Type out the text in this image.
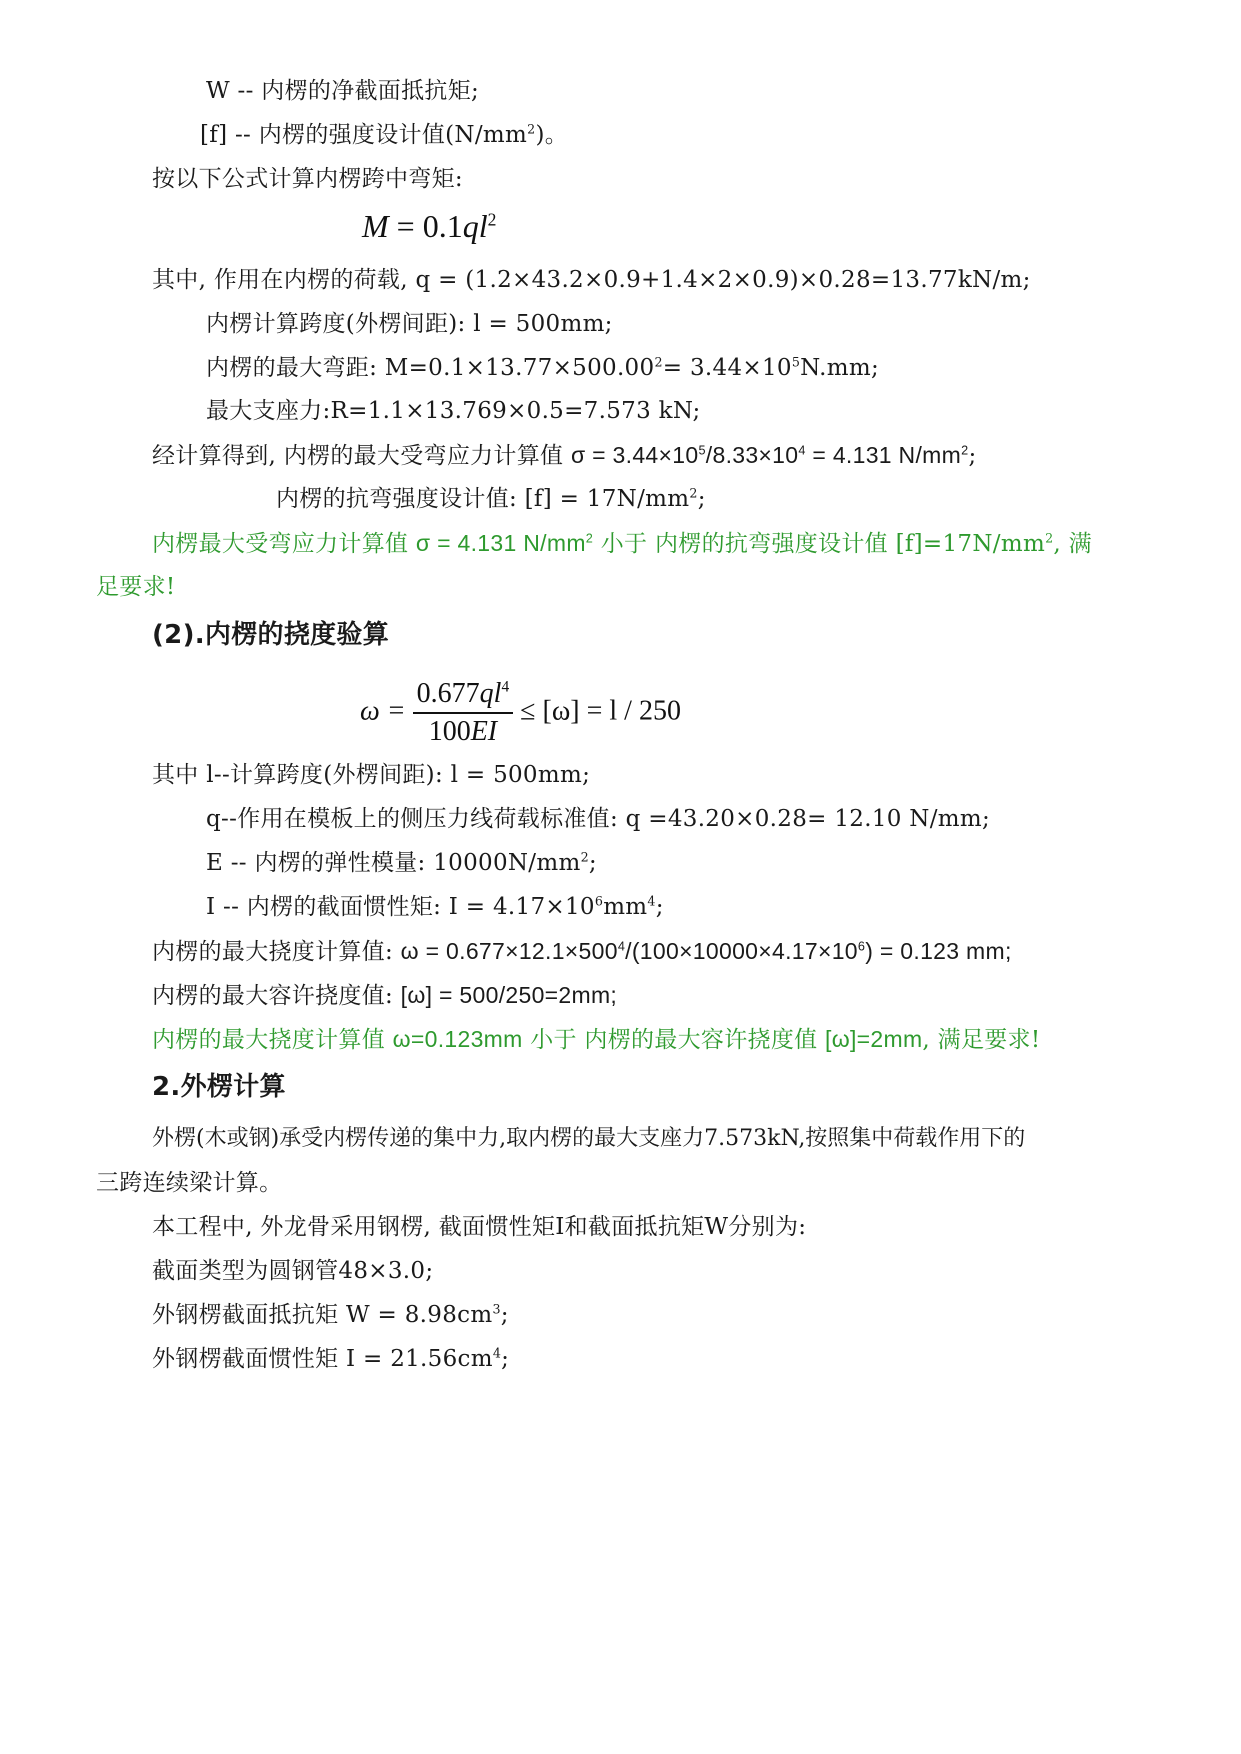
W -- 内楞的净截面抵抗矩;
[f] -- 内楞的强度设计值$(N/mm^2)$。
按以下公式计算内楞跨中弯矩:
$M = 0.1ql^2$
其中, 作用在内楞的荷载, q = (1.2×43.2×0.9+1.4×2×0.9)×0.28=13.77kN/m;
内楞计算跨度(外楞间距): l = 500mm;
内楞的最大弯距: $M=0.1\times 13.77\times 500.00^2= 3.44\times 10^5N.mm$;
最大支座力:R=1.1×13.769×0.5=7.573 kN;
经计算得到, 内楞的最大受弯应力计算值 $\sigma = 3.44\times 10^5/8.33\times 10^4 = 4.131$ $N/mm^2$;
内楞的抗弯强度设计值: $[f] = 17N/mm^2$;
内楞最大受弯应力计算值 σ = 4.131 $N/mm^2$ 小于 内楞的抗弯强度设计值 $[f]=17N/mm^2$, 满
足要求!
(2).内楞的挠度验算
$\omega = \frac{0.677ql^4}{100EI} \le [\omega] = l / 250$
其中 l--计算跨度(外楞间距): l = 500mm;
q--作用在模板上的侧压力线荷载标准值: q =43.20×0.28= 12.10 N/mm;
E -- 内楞的弹性模量: $10000N/mm^2$;
I -- 内楞的截面惯性矩: $I = 4.17\times 10^6mm^4$;
内楞的最大挠度计算值: $\omega = 0.677\times 12.1\times 500^4/(100\times 10000\times 4.17\times 10^6) = 0.123$ mm;
内楞的最大容许挠度值: [ω] = 500/250=2mm;
内楞的最大挠度计算值 ω=0.123mm 小于 内楞的最大容许挠度值 [ω]=2mm, 满足要求!
2.外楞计算
外楞(木或钢)承受内楞传递的集中力,取内楞的最大支座力7.573kN,按照集中荷载作用下的
三跨连续梁计算。
本工程中, 外龙骨采用钢楞, 截面惯性矩I和截面抵抗矩W分别为:
截面类型为圆钢管48×3.0;
外钢楞截面抵抗矩 $W = 8.98cm^3$;
外钢楞截面惯性矩 $I = 21.56cm^4$;
